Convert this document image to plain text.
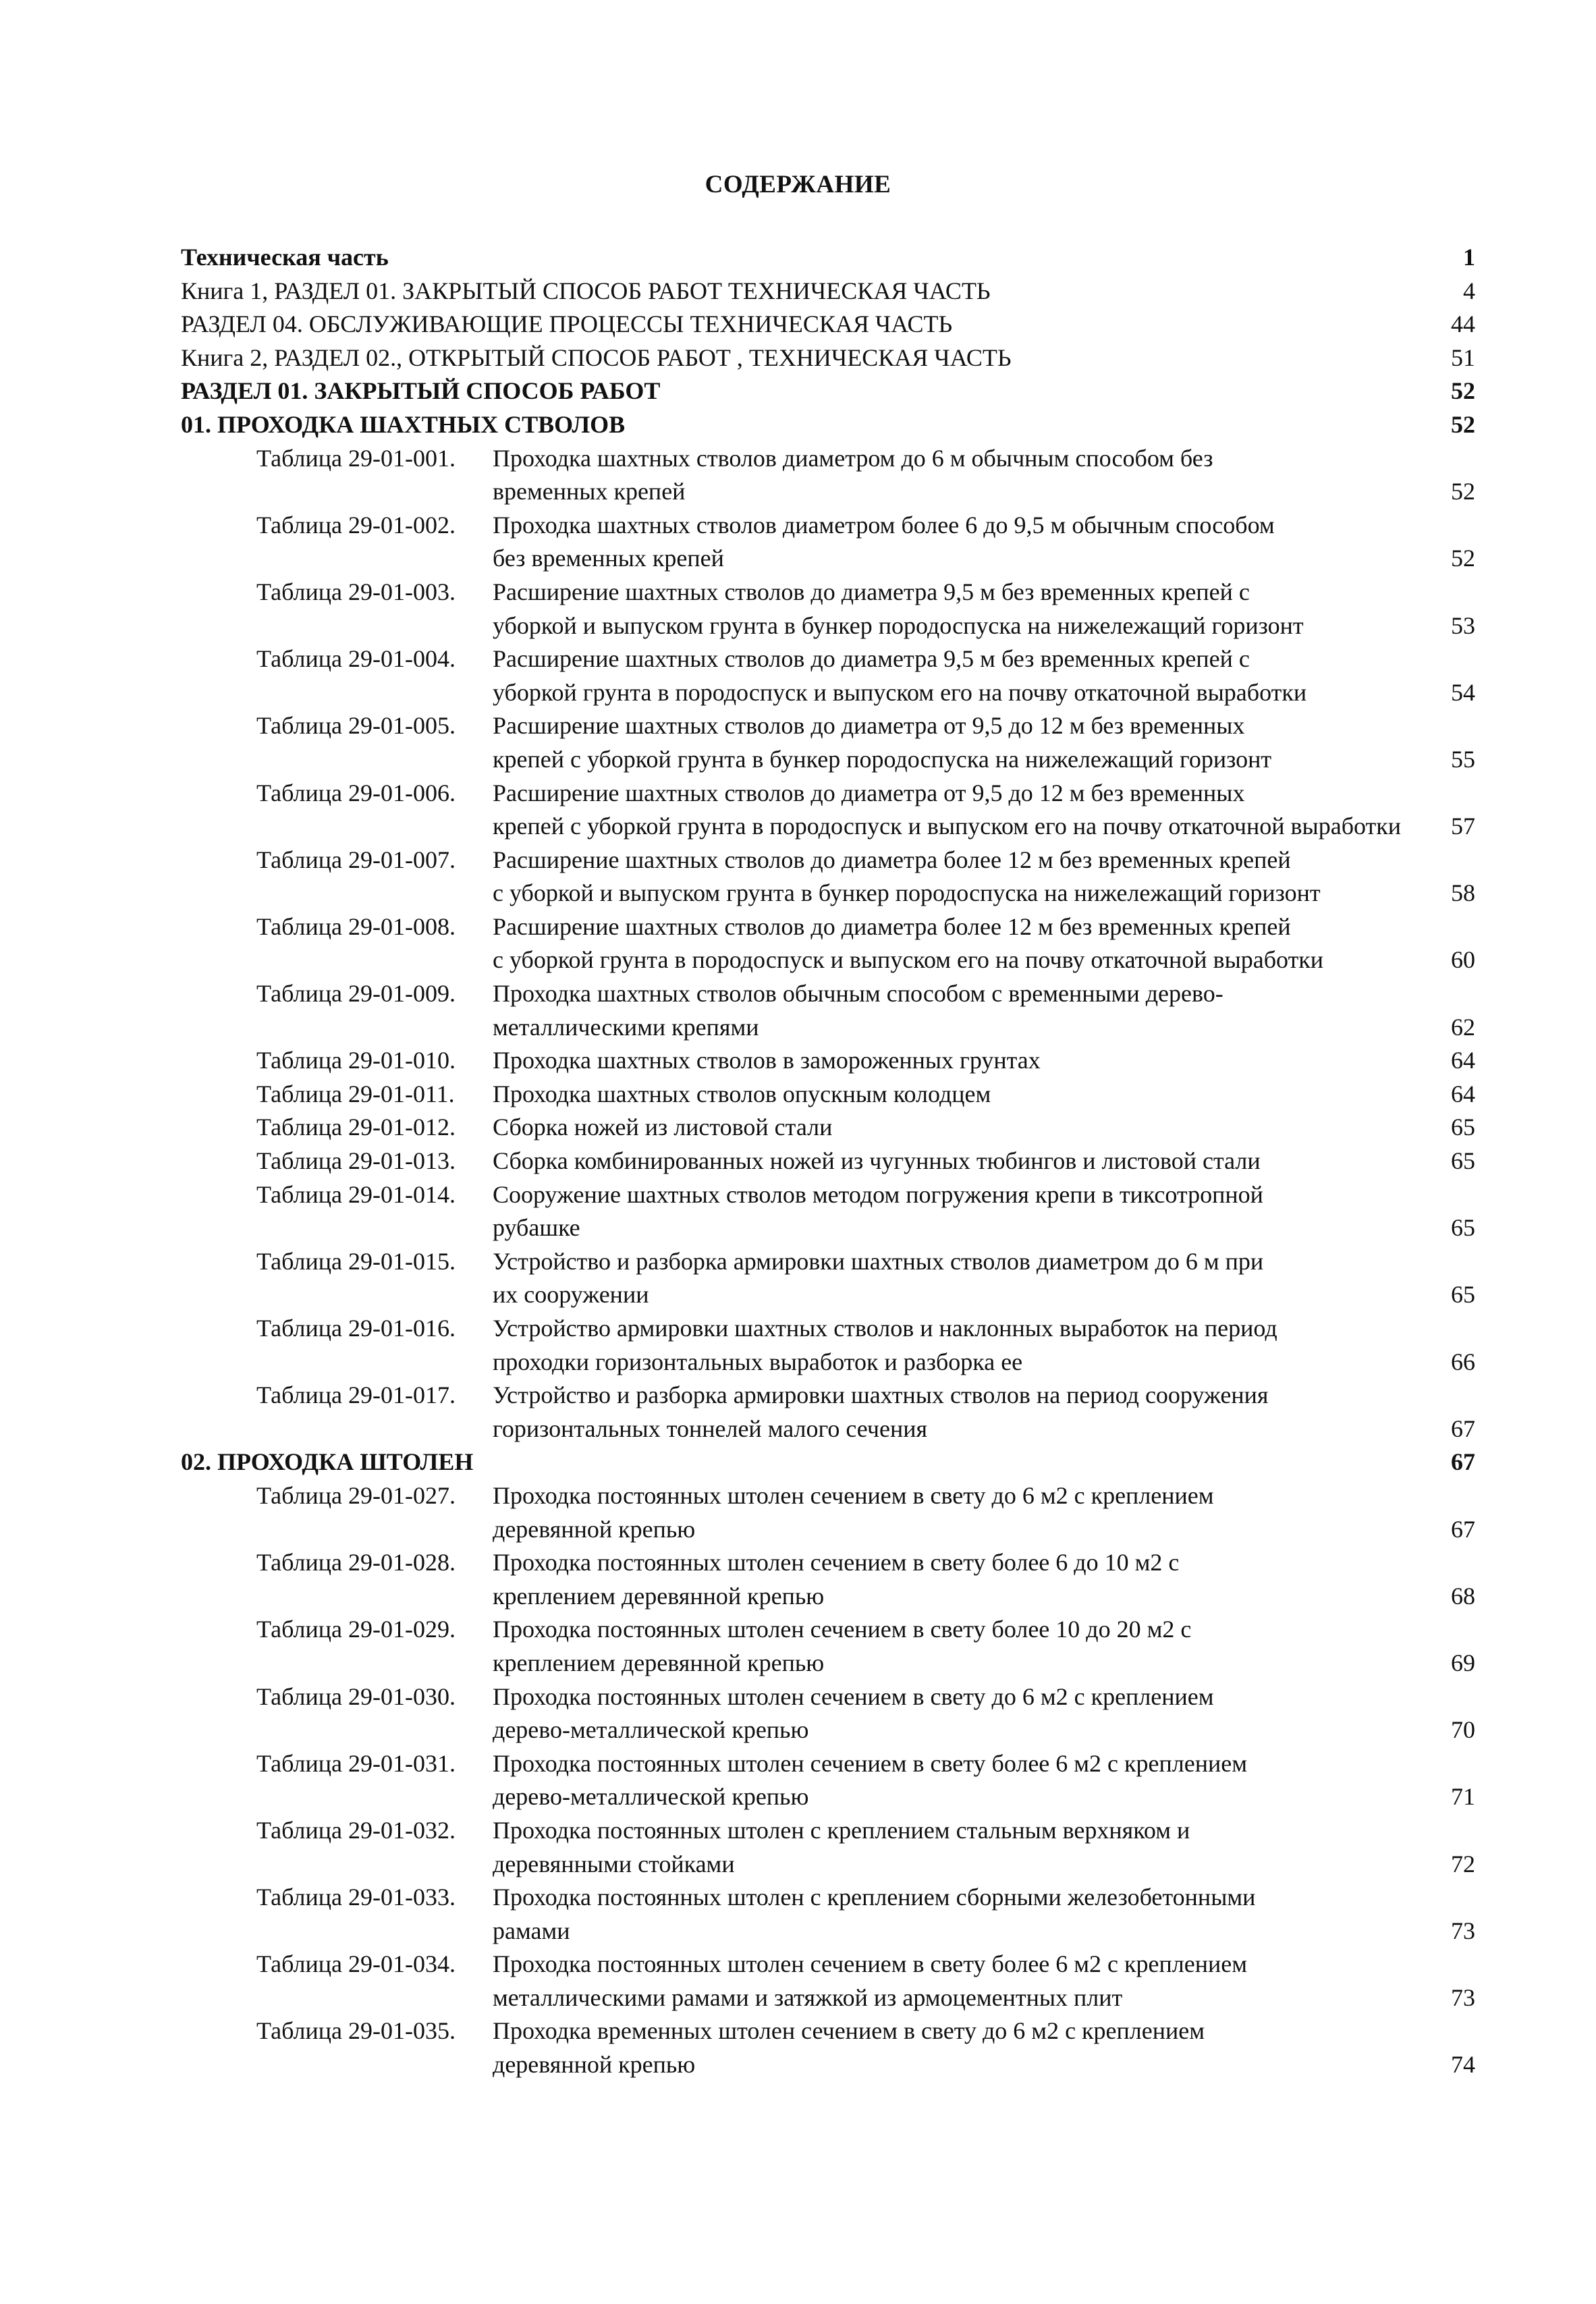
СОДЕРЖАНИЕ
Техническая часть	1
Книга 1, РАЗДЕЛ 01. ЗАКРЫТЫЙ СПОСОБ РАБОТ ТЕХНИЧЕСКАЯ ЧАСТЬ	4
РАЗДЕЛ 04. ОБСЛУЖИВАЮЩИЕ ПРОЦЕССЫ ТЕХНИЧЕСКАЯ ЧАСТЬ	44
Книга 2, РАЗДЕЛ 02., ОТКРЫТЫЙ СПОСОБ РАБОТ , ТЕХНИЧЕСКАЯ ЧАСТЬ	51
РАЗДЕЛ 01. ЗАКРЫТЫЙ СПОСОБ РАБОТ	52
01. ПРОХОДКА ШАХТНЫХ СТВОЛОВ	52
Таблица 29-01-001. Проходка шахтных стволов диаметром до 6 м обычным способом без
временных крепей	52
Таблица 29-01-002. Проходка шахтных стволов диаметром более 6 до 9,5 м обычным способом
без временных крепей	52
Таблица 29-01-003. Расширение шахтных стволов до диаметра 9,5 м без временных крепей с
уборкой и выпуском грунта в бункер породоспуска на нижележащий горизонт	53
Таблица 29-01-004. Расширение шахтных стволов до диаметра 9,5 м без временных крепей с
уборкой грунта в породоспуск и выпуском его на почву откаточной выработки	54
Таблица 29-01-005. Расширение шахтных стволов до диаметра от 9,5 до 12 м без временных
крепей с уборкой грунта в бункер породоспуска на нижележащий горизонт	55
Таблица 29-01-006. Расширение шахтных стволов до диаметра от 9,5 до 12 м без временных
крепей с уборкой грунта в породоспуск и выпуском его на почву откаточной выработки 57
Таблица 29-01-007. Расширение шахтных стволов до диаметра более 12 м без временных крепей
с уборкой и выпуском грунта в бункер породоспуска на нижележащий горизонт	58
Таблица 29-01-008. Расширение шахтных стволов до диаметра более 12 м без временных крепей
с уборкой грунта в породоспуск и выпуском его на почву откаточной выработки	60
Таблица 29-01-009. Проходка шахтных стволов обычным способом с временными дерево-
металлическими крепями	62
Таблица 29-01-010. Проходка шахтных стволов в замороженных грунтах	64
Таблица 29-01-011. Проходка шахтных стволов опускным колодцем	64
Таблица 29-01-012. Сборка ножей из листовой стали	65
Таблица 29-01-013. Сборка комбинированных ножей из чугунных тюбингов и листовой стали	65
Таблица 29-01-014. Сооружение шахтных стволов методом погружения крепи в тиксотропной
рубашке	65
Таблица 29-01-015. Устройство и разборка армировки шахтных стволов диаметром до 6 м при
их сооружении	65
Таблица 29-01-016. Устройство армировки шахтных стволов и наклонных выработок на период
проходки горизонтальных выработок и разборка ее	66
Таблица 29-01-017. Устройство и разборка армировки шахтных стволов на период сооружения
горизонтальных тоннелей малого сечения	67
02. ПРОХОДКА ШТОЛЕН	67
Таблица 29-01-027. Проходка постоянных штолен сечением в свету до 6 м2 с креплением
деревянной крепью	67
Таблица 29-01-028. Проходка постоянных штолен сечением в свету более 6 до 10 м2 с
креплением деревянной крепью	68
Таблица 29-01-029. Проходка постоянных штолен сечением в свету более 10 до 20 м2 с
креплением деревянной крепью	69
Таблица 29-01-030. Проходка постоянных штолен сечением в свету до 6 м2 с креплением
дерево-металлической крепью	70
Таблица 29-01-031. Проходка постоянных штолен сечением в свету более 6 м2 с креплением
дерево-металлической крепью	71
Таблица 29-01-032. Проходка постоянных штолен с креплением стальным верхняком и
деревянными стойками	72
Таблица 29-01-033. Проходка постоянных штолен с креплением сборными железобетонными
рамами	73
Таблица 29-01-034. Проходка постоянных штолен сечением в свету более 6 м2 с креплением
металлическими рамами и затяжкой из армоцементных плит	73
Таблица 29-01-035. Проходка временных штолен сечением в свету до 6 м2 с креплением
деревянной крепью	74
